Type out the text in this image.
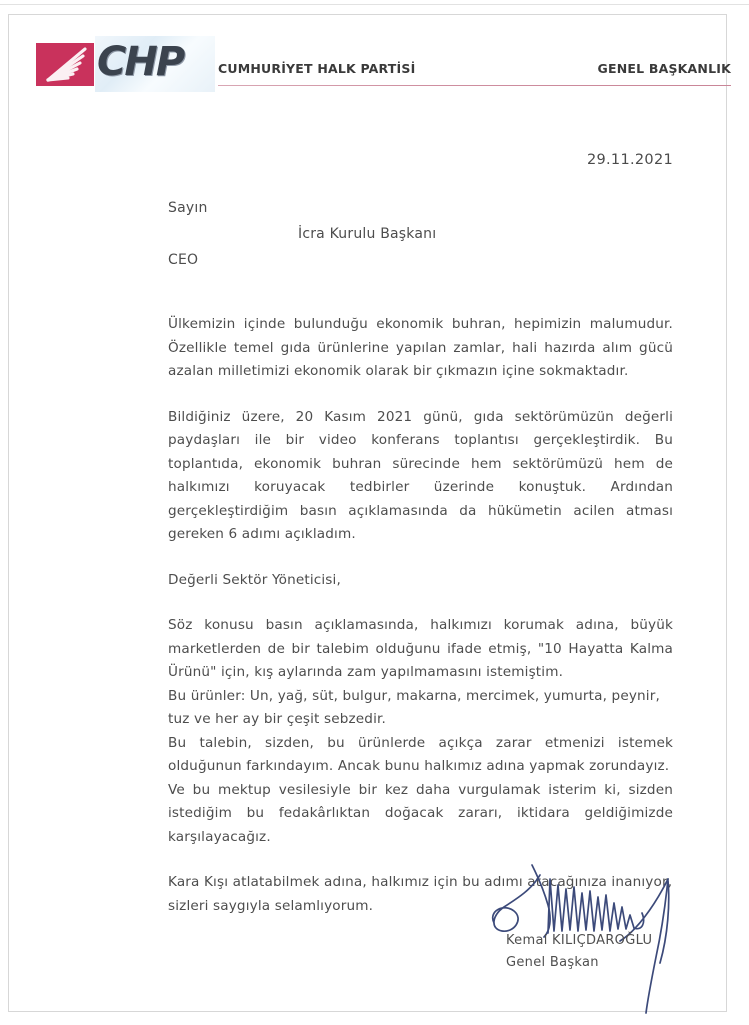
CHP	CUMHURİYET HALK PARTİSİ	GENEL BAŞKANLIK
29.11.2021
Sayın
İcra Kurulu Başkanı
CEO

Ülkemizin içinde bulunduğu ekonomik buhran, hepimizin malumudur. Özellikle temel gıda ürünlerine yapılan zamlar, hali hazırda alım gücü azalan milletimizi ekonomik olarak bir çıkmazın içine sokmaktadır.

Bildiğiniz üzere, 20 Kasım 2021 günü, gıda sektörümüzün değerli paydaşları ile bir video konferans toplantısı gerçekleştirdik. Bu toplantıda, ekonomik buhran sürecinde hem sektörümüzü hem de halkımızı koruyacak tedbirler üzerinde konuştuk. Ardından gerçekleştirdiğim basın açıklamasında da hükümetin acilen atması gereken 6 adımı açıkladım.

Değerli Sektör Yöneticisi,

Söz konusu basın açıklamasında, halkımızı korumak adına, büyük marketlerden de bir talebim olduğunu ifade etmiş, "10 Hayatta Kalma Ürünü" için, kış aylarında zam yapılmamasını istemiştim.

Bu ürünler: Un, yağ, süt, bulgur, makarna, mercimek, yumurta, peynir, tuz ve her ay bir çeşit sebzedir.

Bu talebin, sizden, bu ürünlerde açıkça zarar etmenizi istemek olduğunun farkındayım. Ancak bunu halkımız adına yapmak zorundayız.

Ve bu mektup vesilesiyle bir kez daha vurgulamak isterim ki, sizden istediğim bu fedakârlıktan doğacak zararı, iktidara geldiğimizde karşılayacağız.

Kara Kışı atlatabilmek adına, halkımız için bu adımı atacağınıza inanıyor, sizleri saygıyla selamlıyorum.

Kemal KILIÇDAROĞLU
Genel Başkan
